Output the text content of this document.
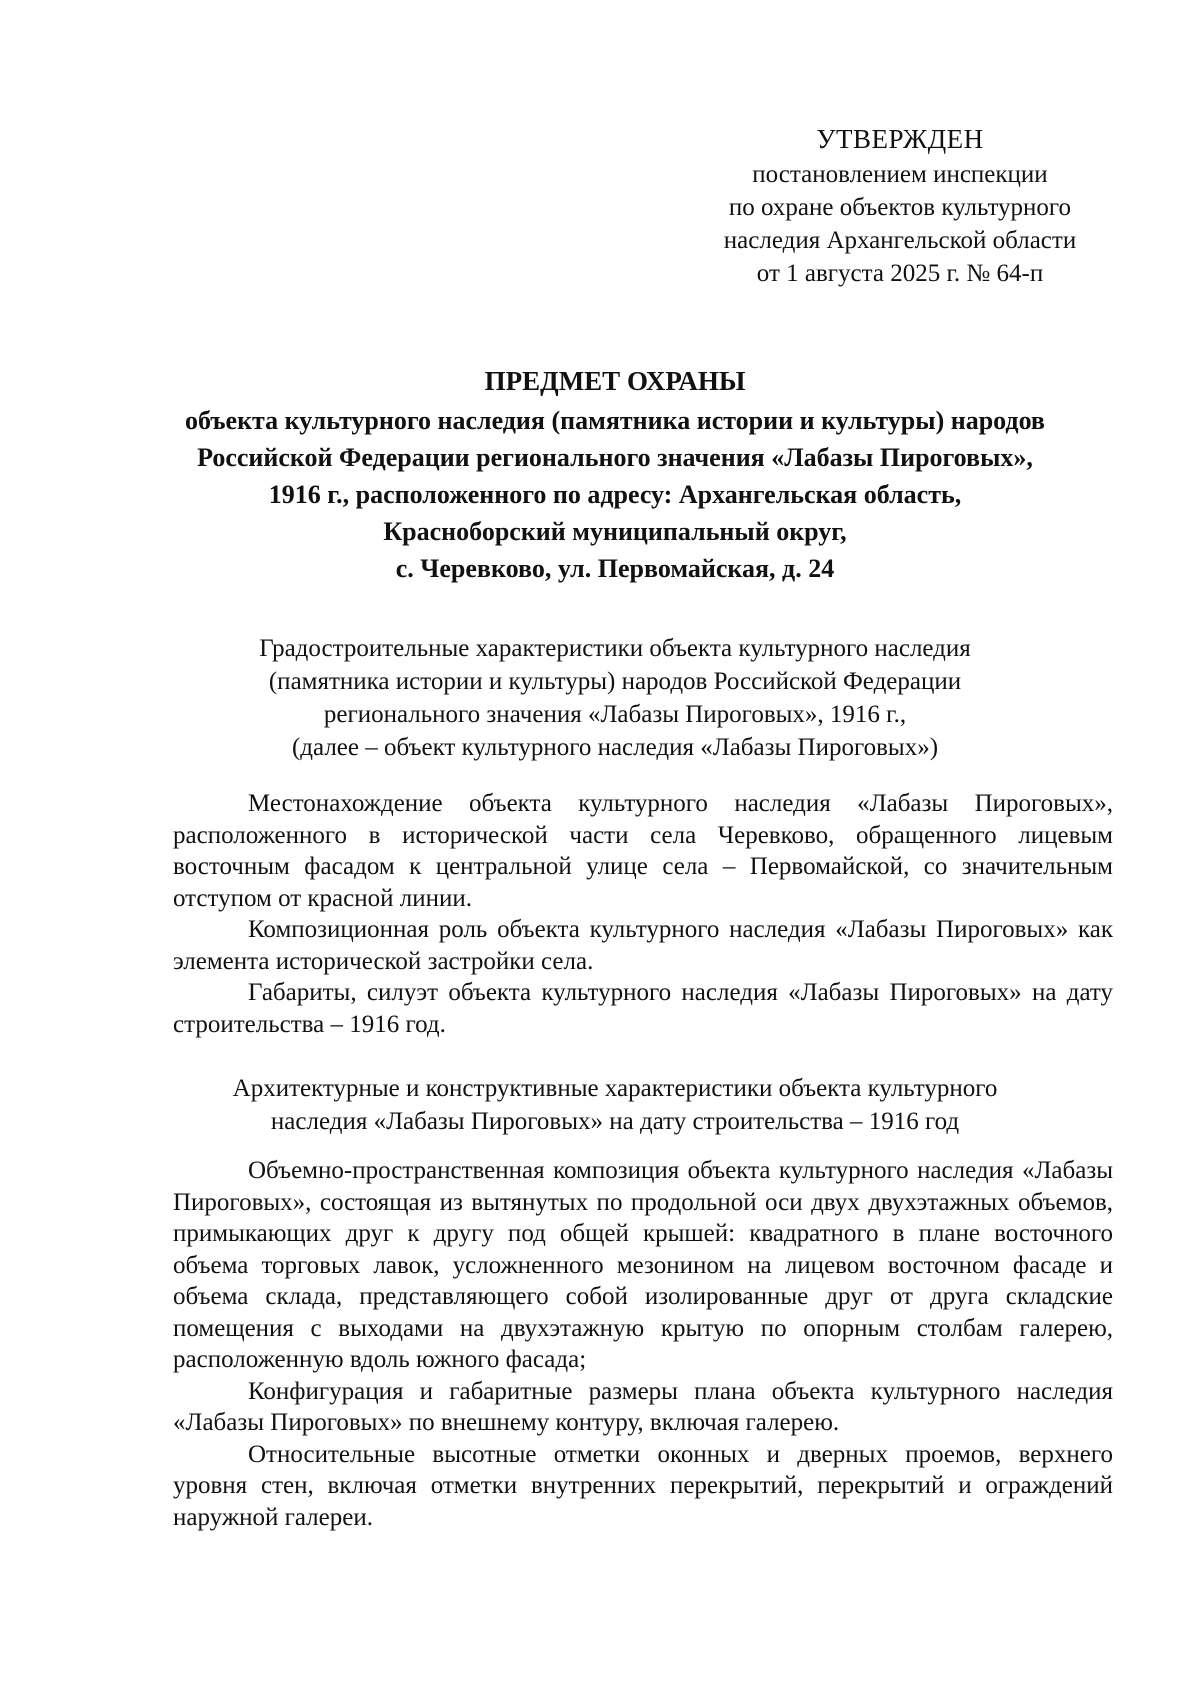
УТВЕРЖДЕН
постановлением инспекции
по охране объектов культурного
наследия Архангельской области
от 1 августа 2025 г. № 64-п
ПРЕДМЕТ ОХРАНЫ
объекта культурного наследия (памятника истории и культуры) народов
Российской Федерации регионального значения «Лабазы Пироговых»,
1916 г., расположенного по адресу: Архангельская область,
Красноборский муниципальный округ,
с. Черевково, ул. Первомайская, д. 24
Градостроительные характеристики объекта культурного наследия
(памятника истории и культуры) народов Российской Федерации
регионального значения «Лабазы Пироговых», 1916 г.,
(далее – объект культурного наследия «Лабазы Пироговых»)

Местонахождение объекта культурного наследия «Лабазы Пироговых», расположенного в исторической части села Черевково, обращенного лицевым восточным фасадом к центральной улице села – Первомайской, со значительным отступом от красной линии.

Композиционная роль объекта культурного наследия «Лабазы Пироговых» как элемента исторической застройки села.

Габариты, силуэт объекта культурного наследия «Лабазы Пироговых» на дату строительства – 1916 год.

Архитектурные и конструктивные характеристики объекта культурного
наследия «Лабазы Пироговых» на дату строительства – 1916 год

Объемно-пространственная композиция объекта культурного наследия «Лабазы Пироговых», состоящая из вытянутых по продольной оси двух двухэтажных объемов, примыкающих друг к другу под общей крышей: квадратного в плане восточного объема торговых лавок, усложненного мезонином на лицевом восточном фасаде и объема склада, представляющего собой изолированные друг от друга складские помещения с выходами на двухэтажную крытую по опорным столбам галерею, расположенную вдоль южного фасада;

Конфигурация и габаритные размеры плана объекта культурного наследия «Лабазы Пироговых» по внешнему контуру, включая галерею.

Относительные высотные отметки оконных и дверных проемов, верхнего уровня стен, включая отметки внутренних перекрытий, перекрытий и ограждений наружной галереи.
